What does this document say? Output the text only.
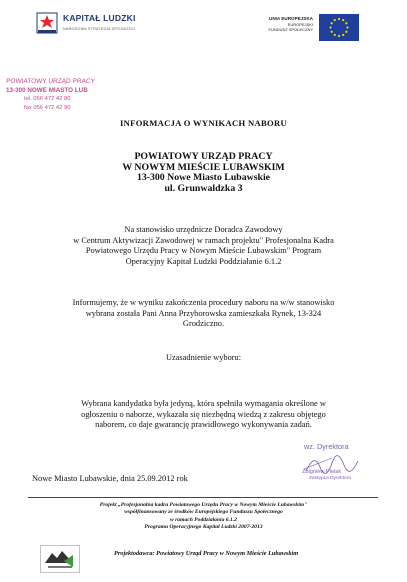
KAPITAŁ LUDZKI
NARODOWA STRATEGIA SPÓJNOŚCI
UNIA EUROPEJSKA
EUROPEJSKI
FUNDUSZ SPOŁECZNY
POWIATOWY URZĄD PRACY
13-300 NOWE MIASTO LUB
tel. 056 472 42 80
fax 056 472 42 90
INFORMACJA O WYNIKACH NABORU
POWIATOWY URZĄD PRACY
W NOWYM MIEŚCIE LUBAWSKIM
13-300 Nowe Miasto Lubawskie
ul. Grunwaldzka 3
Na stanowisko urzędnicze Doradca Zawodowy
w Centrum Aktywizacji Zawodowej w ramach projektu" Profesjonalna Kadra
Powiatowego Urzędu Pracy w Nowym Mieście Lubawskim" Program
Operacyjny Kapitał Ludzki Poddziałanie 6.1.2
Informujemy, że w wyniku zakończenia procedury naboru na w/w stanowisko
wybrana została Pani Anna Przyborowska zamieszkała Rynek, 13-324
Grodziczno.
Uzasadnienie wyboru:
Wybrana kandydatka była jedyną, która spełniła wymagania określone w
ogłoszeniu o naborze, wykazała się niezbędną wiedzą z zakresu objętego
naborem, co daje gwarancję prawidłowego wykonywania zadań.
wz. Dyrektora
Zbigniew Pielak
Zastępca Dyrektora
Nowe Miasto Lubawskie, dnia 25.09.2012 rok
Projekt „Profesjonalna kadra Powiatowego Urzędu Pracy w Nowym Mieście Lubawskim"
współfinansowany ze środków Europejskiego Funduszu Społecznego
w ramach Poddziałania 6.1.2
Programu Operacyjnego Kapitał Ludzki 2007-2013
Projektodawca: Powiatowy Urząd Pracy w Nowym Mieście Lubawskim
